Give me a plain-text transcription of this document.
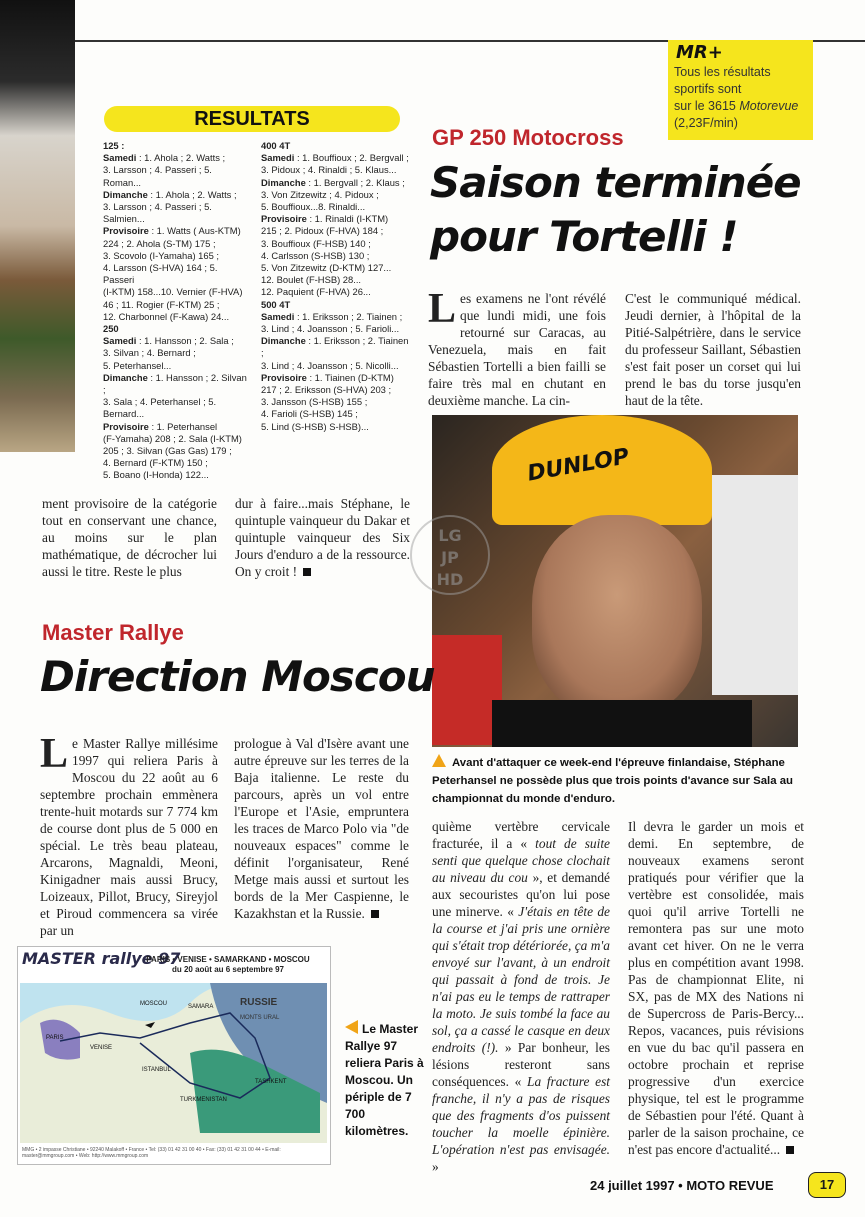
MR+
Tous les résultats
sportifs sont
sur le 3615 Motorevue
(2,23F/min)
RESULTATS
125 :
Samedi : 1. Ahola ; 2. Watts ;
3. Larsson ; 4. Passeri ; 5. Roman...
Dimanche : 1. Ahola ; 2. Watts ;
3. Larsson ; 4. Passeri ; 5. Salmien...
Provisoire : 1. Watts ( Aus-KTM)
224 ; 2. Ahola (S-TM) 175 ;
3. Scovolo (I-Yamaha) 165 ;
4. Larsson (S-HVA) 164 ; 5. Passeri
(I-KTM) 158...10. Vernier (F-HVA)
46 ; 11. Rogier (F-KTM) 25 ;
12. Charbonnel (F-Kawa) 24...
250
Samedi : 1. Hansson ; 2. Sala ;
3. Silvan ; 4. Bernard ;
5. Peterhansel...
Dimanche : 1. Hansson ; 2. Silvan ;
3. Sala ; 4. Peterhansel ; 5. Bernard...
Provisoire : 1. Peterhansel
(F-Yamaha) 208 ; 2. Sala (I-KTM)
205 ; 3. Silvan (Gas Gas) 179 ;
4. Bernard (F-KTM) 150 ;
5. Boano (I-Honda) 122...
400 4T
Samedi : 1. Bouffioux ; 2. Bergvall ;
3. Pidoux ; 4. Rinaldi ; 5. Klaus...
Dimanche : 1. Bergvall ; 2. Klaus ;
3. Von Zitzewitz ; 4. Pidoux ;
5. Bouffioux...8. Rinaldi...
Provisoire : 1. Rinaldi (I-KTM)
215 ; 2. Pidoux (F-HVA) 184 ;
3. Bouffioux (F-HSB) 140 ;
4. Carlsson (S-HSB) 130 ;
5. Von Zitzewitz (D-KTM) 127...
12. Boulet (F-HSB) 28...
12. Paquient (F-HVA) 26...
500 4T
Samedi : 1. Eriksson ; 2. Tiainen ;
3. Lind ; 4. Joansson ; 5. Farioli...
Dimanche : 1. Eriksson ; 2. Tiainen ;
3. Lind ; 4. Joansson ; 5. Nicolli...
Provisoire : 1. Tiainen (D-KTM)
217 ; 2. Eriksson (S-HVA) 203 ;
3. Jansson (S-HSB) 155 ;
4. Farioli (S-HSB) 145 ;
5. Lind (S-HSB) S-HSB)...
GP 250 Motocross
Saison terminée
pour Tortelli !
Les examens ne l'ont révélé que lundi midi, une fois retourné sur Caracas, au Venezuela, mais en fait Sébastien Tortelli a bien failli se faire très mal en chutant en deuxième manche. La cin-
C'est le communiqué médical. Jeudi dernier, à l'hôpital de la Pitié-Salpétrière, dans le service du professeur Saillant, Sébastien s'est fait poser un corset qui lui prend le bas du torse jusqu'en haut de la tête.
DUNLOP
Avant d'attaquer ce week-end l'épreuve finlandaise, Stéphane Peterhansel ne possède plus que trois points d'avance sur Sala au championnat du monde d'enduro.
ment provisoire de la catégorie tout en conservant une chance, au moins sur le plan mathématique, de décrocher lui aussi le titre. Reste le plus
dur à faire...mais Stéphane, le quintuple vainqueur du Dakar et quintuple vainqueur des Six Jours d'enduro a de la ressource. On y croit !
LG
JP
HD
Master Rallye
Direction Moscou
Le Master Rallye millésime 1997 qui reliera Paris à Moscou du 22 août au 6 septembre prochain emmènera trente-huit motards sur 7 774 km de course dont plus de 5 000 en spécial. Le très beau plateau, Arcarons, Magnaldi, Meoni, Kinigadner mais aussi Brucy, Loizeaux, Pillot, Brucy, Sireyjol et Piroud commencera sa virée par un
prologue à Val d'Isère avant une autre épreuve sur les terres de la Baja italienne. Le reste du parcours, après un vol entre l'Europe et l'Asie, empruntera les traces de Marco Polo via "de nouveaux espaces" comme le définit l'organisateur, René Metge mais aussi et surtout les bords de la Mer Caspienne, le Kazakhstan et la Russie.
MASTER rallye 97
PARIS • VENISE • SAMARKAND • MOSCOU
du 20 août au 6 septembre 97
RUSSIE
MONTS URAL
PARIS
VENISE
MOSCOU	SAMARA
ISTANBUL
TURKMENISTAN
TASHKENT
MMG • 2 impasse Christiane • 92240 Malakoff • France • Tel: (33) 01 42 31 00 40 • Fax: (33) 01 42 31 00 44 • E-mail: master@mmgroup.com • Web: http://www.mmgroup.com
Le Master Rallye 97 reliera Paris à Moscou. Un périple de 7 700 kilomètres.
quième vertèbre cervicale fracturée, il a « tout de suite senti que quelque chose clochait au niveau du cou », et demandé aux secouristes qu'on lui pose une minerve. « J'étais en tête de la course et j'ai pris une ornière qui s'était trop détériorée, ça m'a envoyé sur l'avant, à un endroit qui passait à fond de trois. Je n'ai pas eu le temps de rattraper la moto. Je suis tombé la face au sol, ça a cassé le casque en deux endroits (!). » Par bonheur, les lésions resteront sans conséquences. « La fracture est franche, il n'y a pas de risques que des fragments d'os puissent toucher la moelle épinière. L'opération n'est pas envisagée. »
Il devra le garder un mois et demi. En septembre, de nouveaux examens seront pratiqués pour vérifier que la vertèbre est consolidée, mais quoi qu'il arrive Tortelli ne remontera pas sur une moto avant cet hiver. On ne le verra plus en compétition avant 1998. Pas de championnat Elite, ni SX, pas de MX des Nations ni de Supercross de Paris-Bercy... Repos, vacances, puis révisions en vue du bac qu'il passera en octobre prochain et reprise progressive d'un exercice physique, tel est le programme de Sébastien pour l'été. Quant à parler de la saison prochaine, ce n'est pas encore d'actualité...
24 juillet 1997 • MOTO REVUE	17
